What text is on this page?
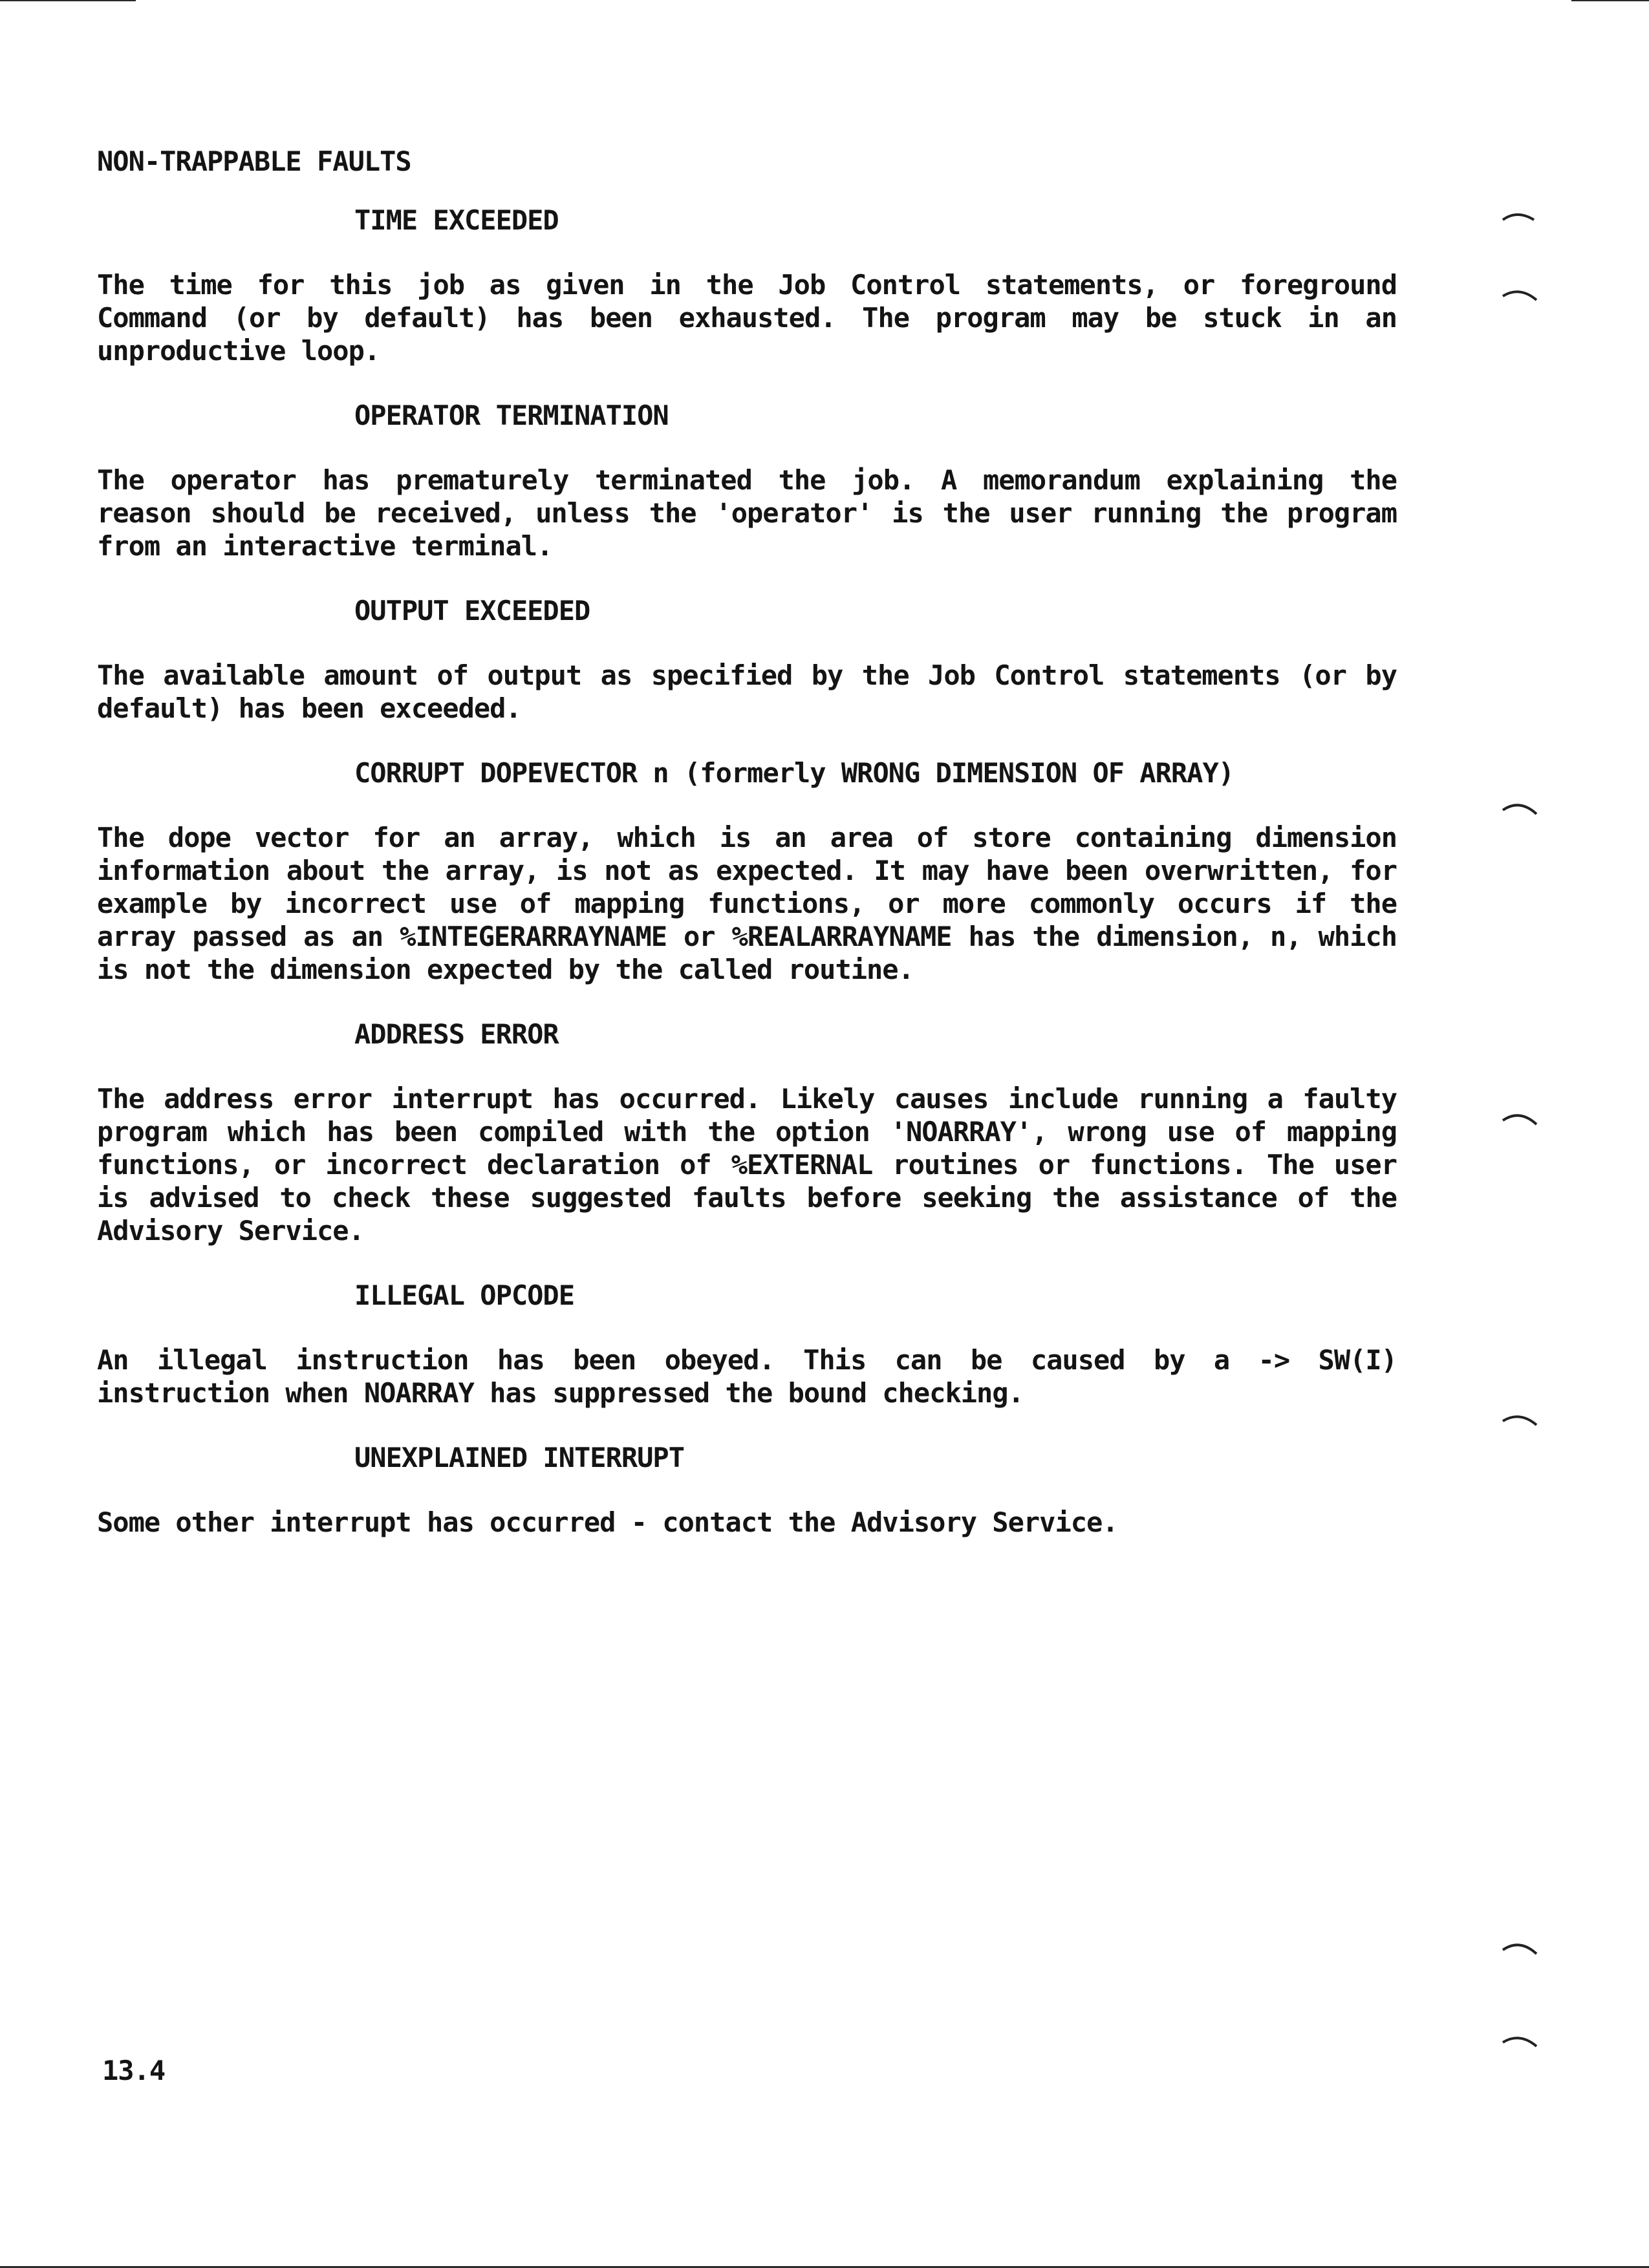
NON-TRAPPABLE FAULTS
TIME EXCEEDED
The time for this job as given in the Job Control statements, or foreground Command (or by default) has been exhausted. The program may be stuck in an unproductive loop.
OPERATOR TERMINATION
The operator has prematurely terminated the job. A memorandum explaining the reason should be received, unless the 'operator' is the user running the program from an interactive terminal.
OUTPUT EXCEEDED
The available amount of output as specified by the Job Control statements (or by default) has been exceeded.
CORRUPT DOPEVECTOR n (formerly WRONG DIMENSION OF ARRAY)
The dope vector for an array, which is an area of store containing dimension information about the array, is not as expected. It may have been overwritten, for example by incorrect use of mapping functions, or more commonly occurs if the array passed as an %INTEGERARRAYNAME or %REALARRAYNAME has the dimension, n, which is not the dimension expected by the called routine.
ADDRESS ERROR
The address error interrupt has occurred. Likely causes include running a faulty program which has been compiled with the option 'NOARRAY', wrong use of mapping functions, or incorrect declaration of %EXTERNAL routines or functions. The user is advised to check these suggested faults before seeking the assistance of the Advisory Service.
ILLEGAL OPCODE
An illegal instruction has been obeyed. This can be caused by a -> SW(I) instruction when NOARRAY has suppressed the bound checking.
UNEXPLAINED INTERRUPT
Some other interrupt has occurred - contact the Advisory Service.
13.4
